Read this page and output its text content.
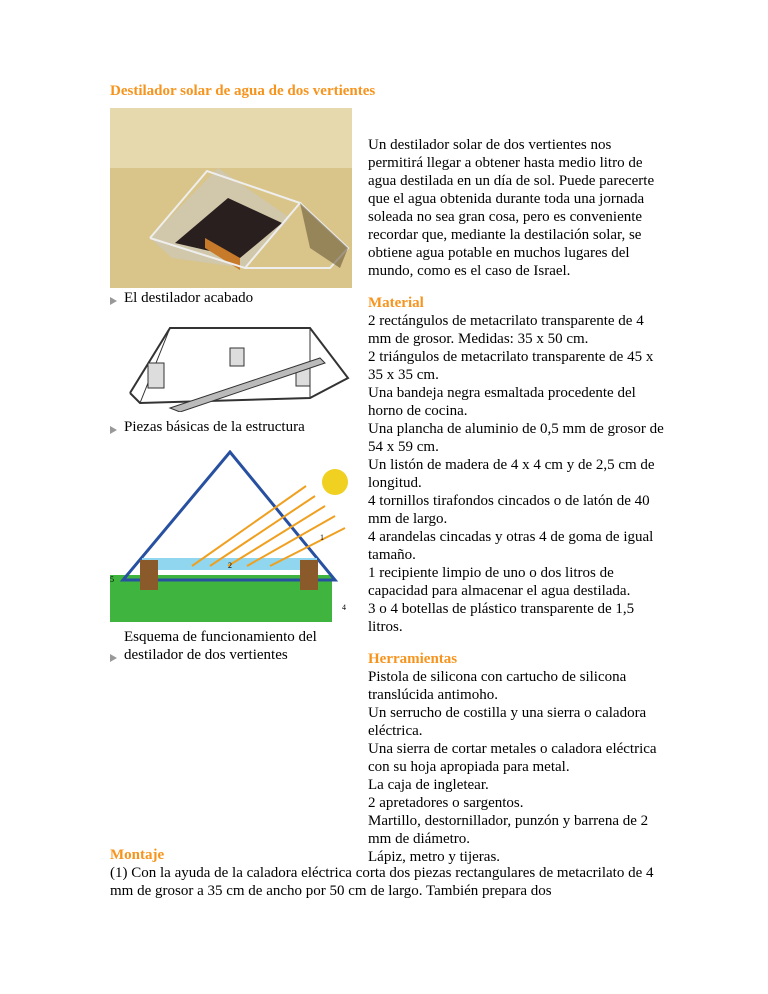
Destilador solar de agua de dos vertientes
El destilador acabado
Piezas básicas de la estructura
5
1
2
4
Esquema de funcionamiento del destilador de dos vertientes

Un destilador solar de dos vertientes nos permitirá llegar a obtener hasta medio litro de agua destilada en un día de sol. Puede parecerte que el agua obtenida durante toda una jornada soleada no sea gran cosa, pero es conveniente recordar que, mediante la destilación solar, se obtiene agua potable en muchos lugares del mundo, como es el caso de Israel.

Material
2 rectángulos de metacrilato transparente de 4 mm de grosor. Medidas: 35 x 50 cm.
2 triángulos de metacrilato transparente de 45 x 35 x 35 cm.
Una bandeja negra esmaltada procedente del horno de cocina.
Una plancha de aluminio de 0,5 mm de grosor de 54 x 59 cm.
Un listón de madera de 4 x 4 cm y de 2,5 cm de longitud.
4 tornillos tirafondos cincados o de latón de 40 mm de largo.
4 arandelas cincadas y otras 4 de goma de igual tamaño.
1 recipiente limpio de uno o dos litros de capacidad para almacenar el agua destilada.
3 o 4 botellas de plástico transparente de 1,5 litros.
Herramientas
Pistola de silicona con cartucho de silicona translúcida antimoho.
Un serrucho de costilla y una sierra o caladora eléctrica.
Una sierra de cortar metales o caladora eléctrica con su hoja apropiada para metal.
La caja de ingletear.
2 apretadores o sargentos.
Martillo, destornillador, punzón y barrena de 2 mm de diámetro.
Lápiz, metro y tijeras.
Montaje

(1) Con la ayuda de la caladora eléctrica corta dos piezas rectangulares de metacrilato de 4 mm de grosor a 35 cm de ancho por 50 cm de largo. También prepara dos
